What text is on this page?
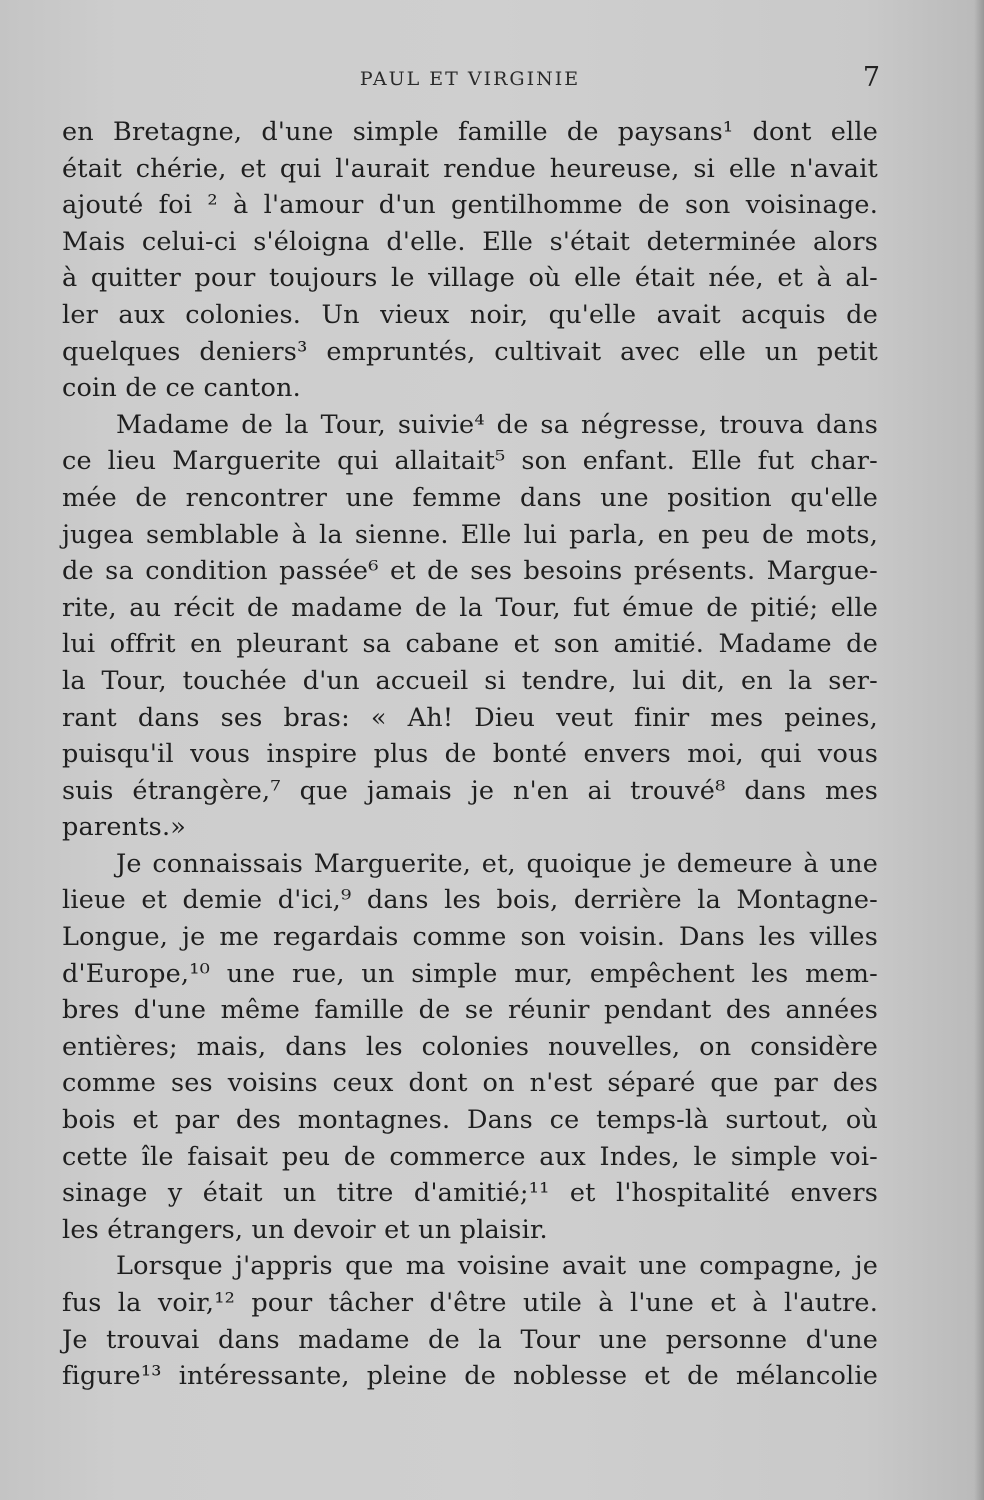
PAUL ET VIRGINIE	7
en Bretagne, d'une simple famille de paysans¹ dont elle
était chérie, et qui l'aurait rendue heureuse, si elle n'avait
ajouté foi ² à l'amour d'un gentilhomme de son voisinage.
Mais celui-ci s'éloigna d'elle. Elle s'était determinée alors
à quitter pour toujours le village où elle était née, et à al-
ler aux colonies. Un vieux noir, qu'elle avait acquis de
quelques deniers³ empruntés, cultivait avec elle un petit
coin de ce canton.
Madame de la Tour, suivie⁴ de sa négresse, trouva dans
ce lieu Marguerite qui allaitait⁵ son enfant. Elle fut char-
mée de rencontrer une femme dans une position qu'elle
jugea semblable à la sienne. Elle lui parla, en peu de mots,
de sa condition passée⁶ et de ses besoins présents. Margue-
rite, au récit de madame de la Tour, fut émue de pitié; elle
lui offrit en pleurant sa cabane et son amitié. Madame de
la Tour, touchée d'un accueil si tendre, lui dit, en la ser-
rant dans ses bras: « Ah! Dieu veut finir mes peines,
puisqu'il vous inspire plus de bonté envers moi, qui vous
suis étrangère,⁷ que jamais je n'en ai trouvé⁸ dans mes
parents.»
Je connaissais Marguerite, et, quoique je demeure à une
lieue et demie d'ici,⁹ dans les bois, derrière la Montagne-
Longue, je me regardais comme son voisin. Dans les villes
d'Europe,¹⁰ une rue, un simple mur, empêchent les mem-
bres d'une même famille de se réunir pendant des années
entières; mais, dans les colonies nouvelles, on considère
comme ses voisins ceux dont on n'est séparé que par des
bois et par des montagnes. Dans ce temps-là surtout, où
cette île faisait peu de commerce aux Indes, le simple voi-
sinage y était un titre d'amitié;¹¹ et l'hospitalité envers
les étrangers, un devoir et un plaisir.
Lorsque j'appris que ma voisine avait une compagne, je
fus la voir,¹² pour tâcher d'être utile à l'une et à l'autre.
Je trouvai dans madame de la Tour une personne d'une
figure¹³ intéressante, pleine de noblesse et de mélancolie
